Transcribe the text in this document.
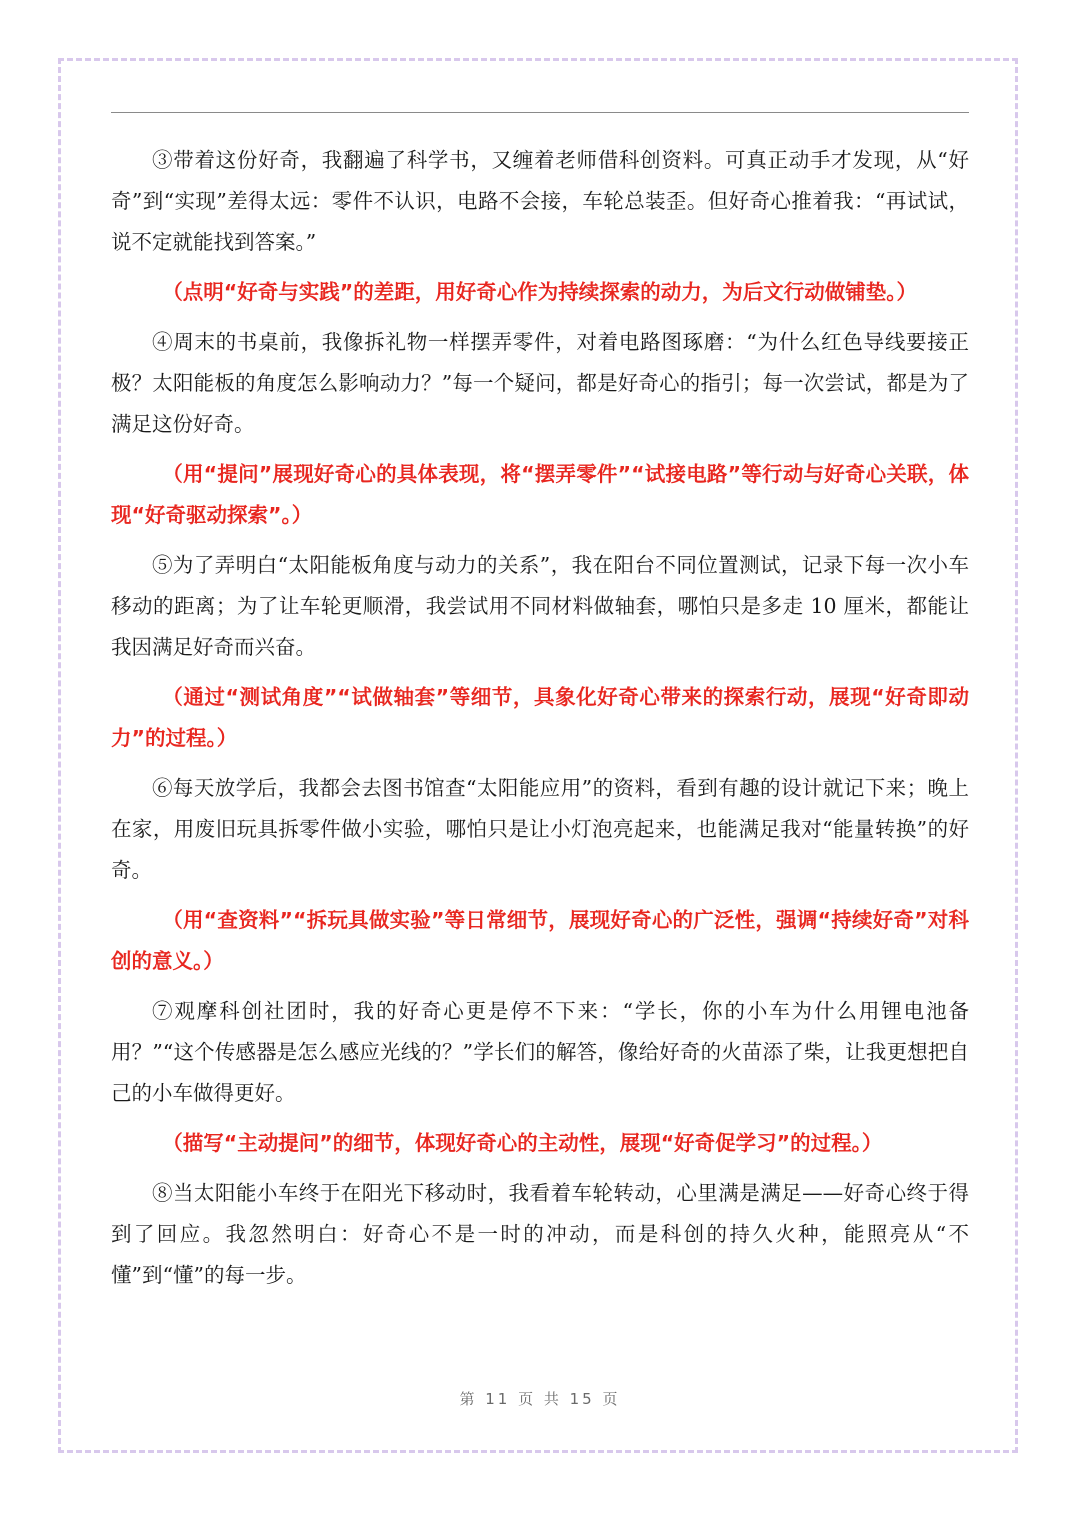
③带着这份好奇，我翻遍了科学书，又缠着老师借科创资料。可真正动手才发现，从“好奇”到“实现”差得太远：零件不认识，电路不会接，车轮总装歪。但好奇心推着我：“再试试，说不定就能找到答案。”

（点明“好奇与实践”的差距，用好奇心作为持续探索的动力，为后文行动做铺垫。）

④周末的书桌前，我像拆礼物一样摆弄零件，对着电路图琢磨：“为什么红色导线要接正极？太阳能板的角度怎么影响动力？”每一个疑问，都是好奇心的指引；每一次尝试，都是为了满足这份好奇。

（用“提问”展现好奇心的具体表现，将“摆弄零件”“试接电路”等行动与好奇心关联，体现“好奇驱动探索”。）

⑤为了弄明白“太阳能板角度与动力的关系”，我在阳台不同位置测试，记录下每一次小车移动的距离；为了让车轮更顺滑，我尝试用不同材料做轴套，哪怕只是多走 10 厘米，都能让我因满足好奇而兴奋。

（通过“测试角度”“试做轴套”等细节，具象化好奇心带来的探索行动，展现“好奇即动力”的过程。）

⑥每天放学后，我都会去图书馆查“太阳能应用”的资料，看到有趣的设计就记下来；晚上在家，用废旧玩具拆零件做小实验，哪怕只是让小灯泡亮起来，也能满足我对“能量转换”的好奇。

（用“查资料”“拆玩具做实验”等日常细节，展现好奇心的广泛性，强调“持续好奇”对科创的意义。）

⑦观摩科创社团时，我的好奇心更是停不下来：“学长，你的小车为什么用锂电池备用？”“这个传感器是怎么感应光线的？”学长们的解答，像给好奇的火苗添了柴，让我更想把自己的小车做得更好。

（描写“主动提问”的细节，体现好奇心的主动性，展现“好奇促学习”的过程。）

⑧当太阳能小车终于在阳光下移动时，我看着车轮转动，心里满是满足——好奇心终于得到了回应。我忽然明白：好奇心不是一时的冲动，而是科创的持久火种，能照亮从“不懂”到“懂”的每一步。

第 11 页 共 15 页
